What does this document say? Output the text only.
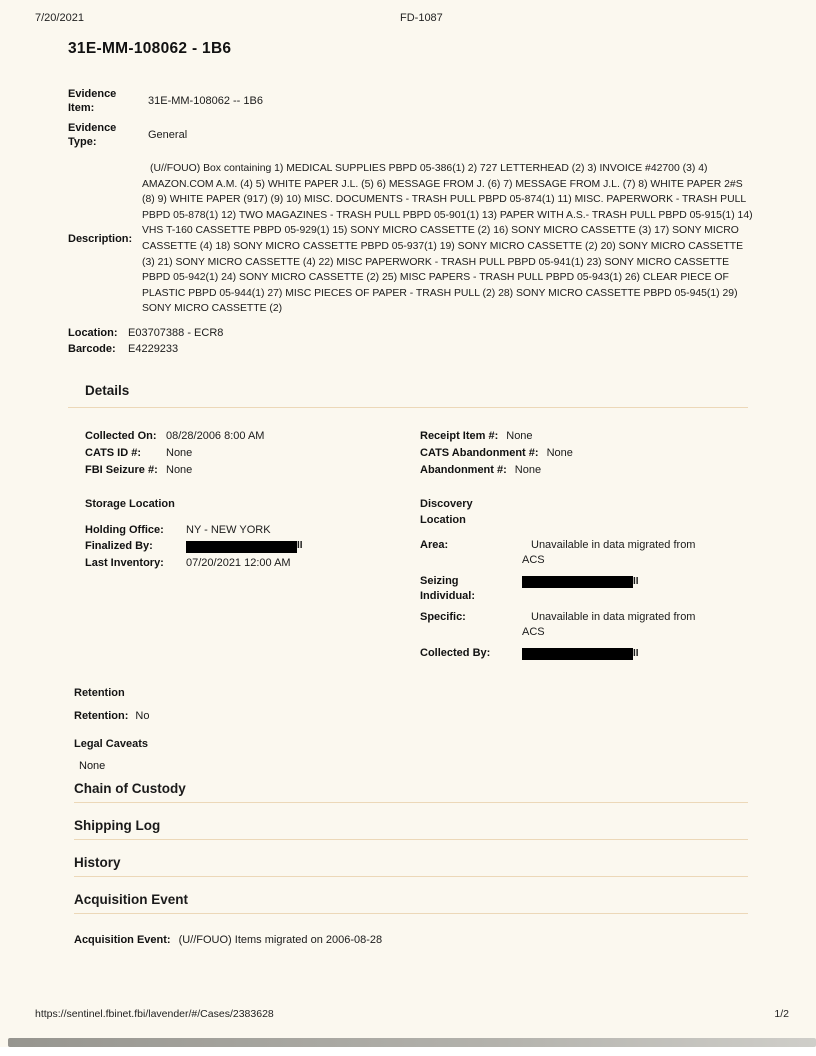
7/20/2021	FD-1087
31E-MM-108062 - 1B6
Evidence Item:
31E-MM-108062 -- 1B6
Evidence Type:
General
Description:
(U//FOUO) Box containing 1) MEDICAL SUPPLIES PBPD 05-386(1) 2) 727 LETTERHEAD (2) 3) INVOICE #42700 (3) 4) AMAZON.COM A.M. (4) 5) WHITE PAPER J.L. (5) 6) MESSAGE FROM J. (6) 7) MESSAGE FROM J.L. (7) 8) WHITE PAPER 2#S (8) 9) WHITE PAPER (917) (9) 10) MISC. DOCUMENTS - TRASH PULL PBPD 05-874(1) 11) MISC. PAPERWORK - TRASH PULL PBPD 05-878(1) 12) TWO MAGAZINES - TRASH PULL PBPD 05-901(1) 13) PAPER WITH A.S.- TRASH PULL PBPD 05-915(1) 14) VHS T-160 CASSETTE PBPD 05-929(1) 15) SONY MICRO CASSETTE (2) 16) SONY MICRO CASSETTE (3) 17) SONY MICRO CASSETTE (4) 18) SONY MICRO CASSETTE PBPD 05-937(1) 19) SONY MICRO CASSETTE (2) 20) SONY MICRO CASSETTE (3) 21) SONY MICRO CASSETTE (4) 22) MISC PAPERWORK - TRASH PULL PBPD 05-941(1) 23) SONY MICRO CASSETTE PBPD 05-942(1) 24) SONY MICRO CASSETTE (2) 25) MISC PAPERS - TRASH PULL PBPD 05-943(1) 26) CLEAR PIECE OF PLASTIC PBPD 05-944(1) 27) MISC PIECES OF PAPER - TRASH PULL (2) 28) SONY MICRO CASSETTE PBPD 05-945(1) 29) SONY MICRO CASSETTE (2)
Location: E03707388 - ECR8
Barcode:	E4229233
Details
Collected On: 08/28/2006 8:00 AM
CATS ID #:	None
FBI Seizure #: None
Storage Location
Holding Office:	NY - NEW YORK
Finalized By:	II
Last Inventory:	07/20/2021 12:00 AM
Receipt Item #: None
CATS Abandonment #: None
Abandonment #: None
Discovery Location
Area:	Unavailable in data migrated from ACS
Seizing Individual:
II
Specific:	Unavailable in data migrated from ACS
Collected By:	II
Retention
Retention: No
Legal Caveats
None
Chain of Custody
Shipping Log
History
Acquisition Event
Acquisition Event: (U//FOUO) Items migrated on 2006-08-28
https://sentinel.fbinet.fbi/lavender/#/Cases/2383628	1/2
